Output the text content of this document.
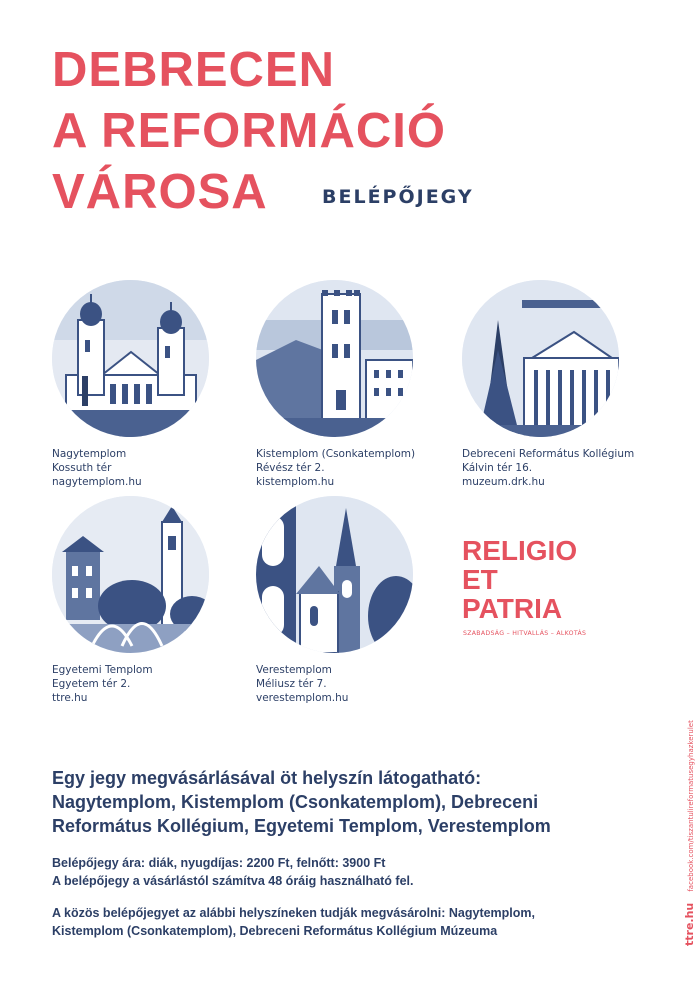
DEBRECEN
A REFORMÁCIÓ
VÁROSA	BELÉPŐJEGY
Nagytemplom
Kossuth tér
nagytemplom.hu
Kistemplom (Csonkatemplom)
Révész tér 2.
kistemplom.hu
Debreceni Református Kollégium
Kálvin tér 16.
muzeum.drk.hu
Egyetemi Templom
Egyetem tér 2.
ttre.hu
Verestemplom
Méliusz tér 7.
verestemplom.hu
RELIGIO
ET
PATRIA
SZABADSÁG – HITVALLÁS – ALKOTÁS
Egy jegy megvásárlásával öt helyszín látogatható:
Nagytemplom, Kistemplom (Csonkatemplom), Debreceni
Református Kollégium, Egyetemi Templom, Verestemplom

Belépőjegy ára: diák, nyugdíjas: 2200 Ft, felnőtt: 3900 Ft
A belépőjegy a vásárlástól számítva 48 óráig használható fel.

A közös belépőjegyet az alábbi helyszíneken tudják megvásárolni: Nagytemplom,
Kistemplom (Csonkatemplom), Debreceni Református Kollégium Múzeuma	ttre.hu facebook.com/tiszantulireformatusegyhazkerulet
